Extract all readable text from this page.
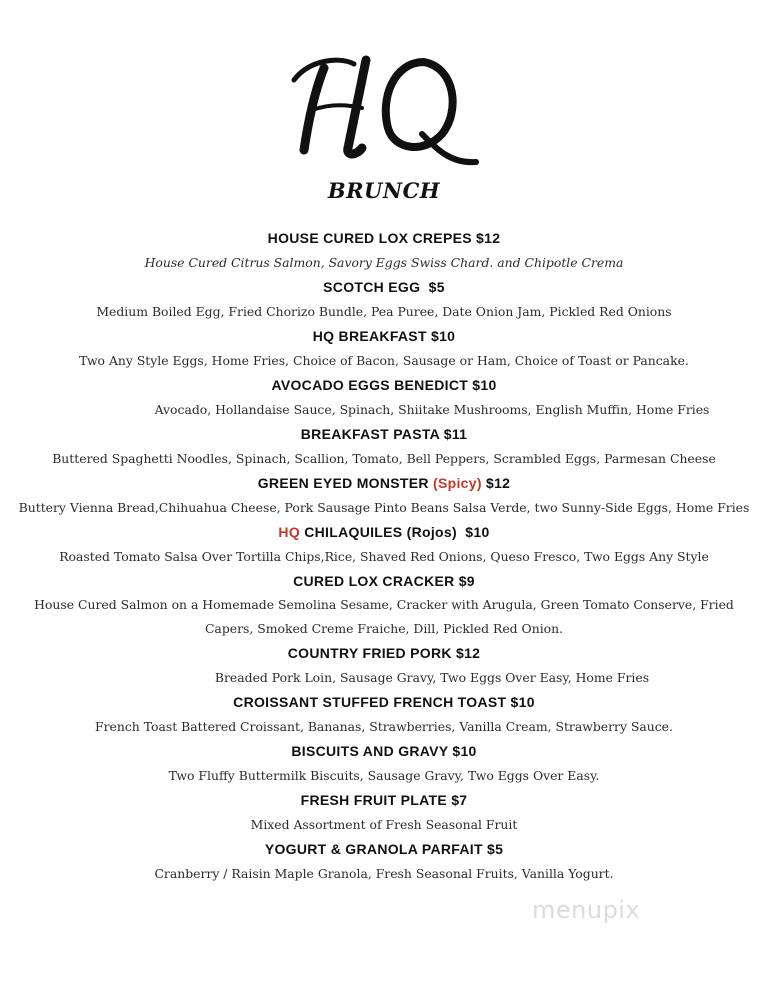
BRUNCH
HOUSE CURED LOX CREPES $12
House Cured Citrus Salmon, Savory Eggs Swiss Chard. and Chipotle Crema
SCOTCH EGG  $5
Medium Boiled Egg, Fried Chorizo Bundle, Pea Puree, Date Onion Jam, Pickled Red Onions
HQ BREAKFAST $10
Two Any Style Eggs, Home Fries, Choice of Bacon, Sausage or Ham, Choice of Toast or Pancake.
AVOCADO EGGS BENEDICT $10
Avocado, Hollandaise Sauce, Spinach, Shiitake Mushrooms, English Muffin, Home Fries
BREAKFAST PASTA $11
Buttered Spaghetti Noodles, Spinach, Scallion, Tomato, Bell Peppers, Scrambled Eggs, Parmesan Cheese
GREEN EYED MONSTER (Spicy) $12
Buttery Vienna Bread,Chihuahua Cheese, Pork Sausage Pinto Beans Salsa Verde, two Sunny-Side Eggs, Home Fries
HQ CHILAQUILES (Rojos)  $10
Roasted Tomato Salsa Over Tortilla Chips,Rice, Shaved Red Onions, Queso Fresco, Two Eggs Any Style
CURED LOX CRACKER $9
House Cured Salmon on a Homemade Semolina Sesame, Cracker with Arugula, Green Tomato Conserve, Fried Capers, Smoked Creme Fraiche, Dill, Pickled Red Onion.
COUNTRY FRIED PORK $12
Breaded Pork Loin, Sausage Gravy, Two Eggs Over Easy, Home Fries
CROISSANT STUFFED FRENCH TOAST $10
French Toast Battered Croissant, Bananas, Strawberries, Vanilla Cream, Strawberry Sauce.
BISCUITS AND GRAVY $10
Two Fluffy Buttermilk Biscuits, Sausage Gravy, Two Eggs Over Easy.
FRESH FRUIT PLATE $7
Mixed Assortment of Fresh Seasonal Fruit
YOGURT & GRANOLA PARFAIT $5
Cranberry / Raisin Maple Granola, Fresh Seasonal Fruits, Vanilla Yogurt.
menupix
